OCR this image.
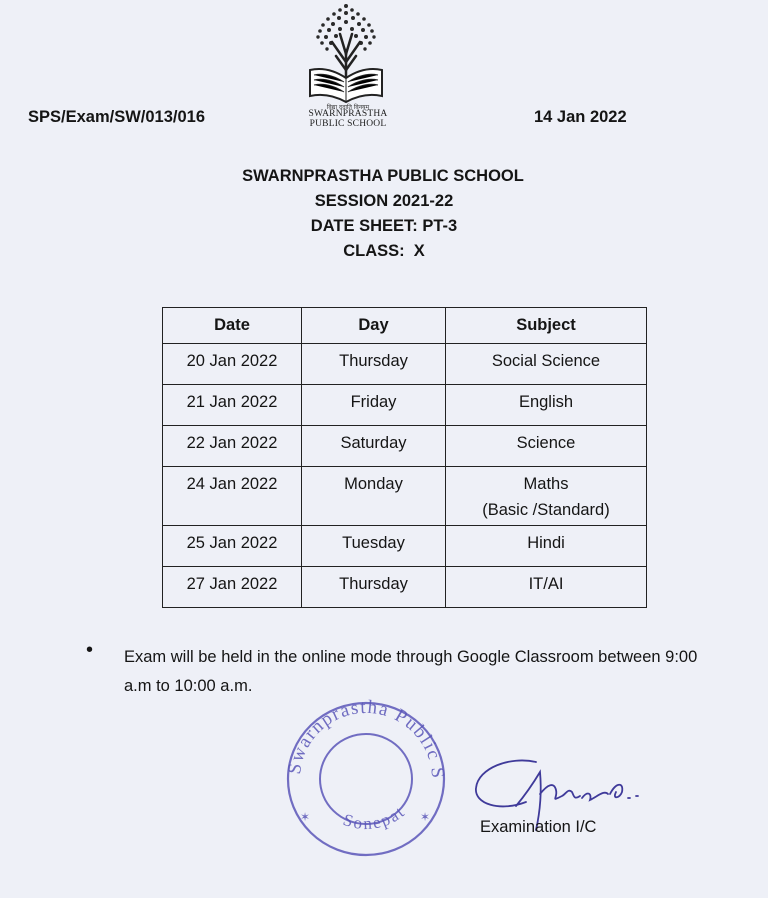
विद्या ददाति विनयम्
SWARNPRASTHA
PUBLIC SCHOOL
SPS/Exam/SW/013/016	14 Jan 2022
SWARNPRASTHA PUBLIC SCHOOL
SESSION 2021-22
DATE SHEET: PT-3
CLASS:  X
Date	Day	Subject
20 Jan 2022	Thursday	Social Science
21 Jan 2022	Friday	English
22 Jan 2022	Saturday	Science
24 Jan 2022	Monday	Maths
(Basic /Standard)

25 Jan 2022	Tuesday	Hindi
27 Jan 2022	Thursday	IT/AI
• Exam will be held in the online mode through Google Classroom between 9:00 a.m to 10:00 a.m.
Swarnprastha Public S
Sonepat
✶	✶
Examination I/C
